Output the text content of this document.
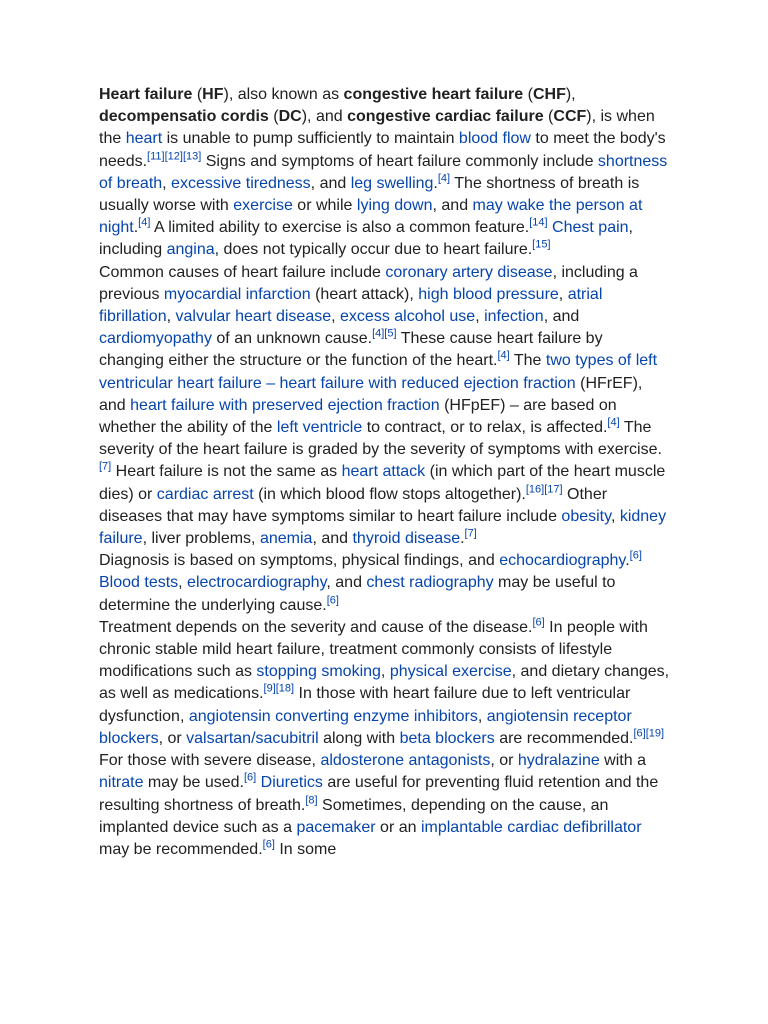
Heart failure (HF), also known as congestive heart failure (CHF), decompensatio cordis (DC), and congestive cardiac failure (CCF), is when the heart is unable to pump sufficiently to maintain blood flow to meet the body's needs.[11][12][13] Signs and symptoms of heart failure commonly include shortness of breath, excessive tiredness, and leg swelling.[4] The shortness of breath is usually worse with exercise or while lying down, and may wake the person at night.[4] A limited ability to exercise is also a common feature.[14] Chest pain, including angina, does not typically occur due to heart failure.[15]

Common causes of heart failure include coronary artery disease, including a previous myocardial infarction (heart attack), high blood pressure, atrial fibrillation, valvular heart disease, excess alcohol use, infection, and cardiomyopathy of an unknown cause.[4][5] These cause heart failure by changing either the structure or the function of the heart.[4] The two types of left ventricular heart failure – heart failure with reduced ejection fraction (HFrEF), and heart failure with preserved ejection fraction (HFpEF) – are based on whether the ability of the left ventricle to contract, or to relax, is affected.[4] The severity of the heart failure is graded by the severity of symptoms with exercise.[7] Heart failure is not the same as heart attack (in which part of the heart muscle dies) or cardiac arrest (in which blood flow stops altogether).[16][17] Other diseases that may have symptoms similar to heart failure include obesity, kidney failure, liver problems, anemia, and thyroid disease.[7]

Diagnosis is based on symptoms, physical findings, and echocardiography.[6] Blood tests, electrocardiography, and chest radiography may be useful to determine the underlying cause.[6]

Treatment depends on the severity and cause of the disease.[6] In people with chronic stable mild heart failure, treatment commonly consists of lifestyle modifications such as stopping smoking, physical exercise, and dietary changes, as well as medications.[9][18] In those with heart failure due to left ventricular dysfunction, angiotensin converting enzyme inhibitors, angiotensin receptor blockers, or valsartan/sacubitril along with beta blockers are recommended.[6][19] For those with severe disease, aldosterone antagonists, or hydralazine with a nitrate may be used.[6] Diuretics are useful for preventing fluid retention and the resulting shortness of breath.[8] Sometimes, depending on the cause, an implanted device such as a pacemaker or an implantable cardiac defibrillator may be recommended.[6] In some
